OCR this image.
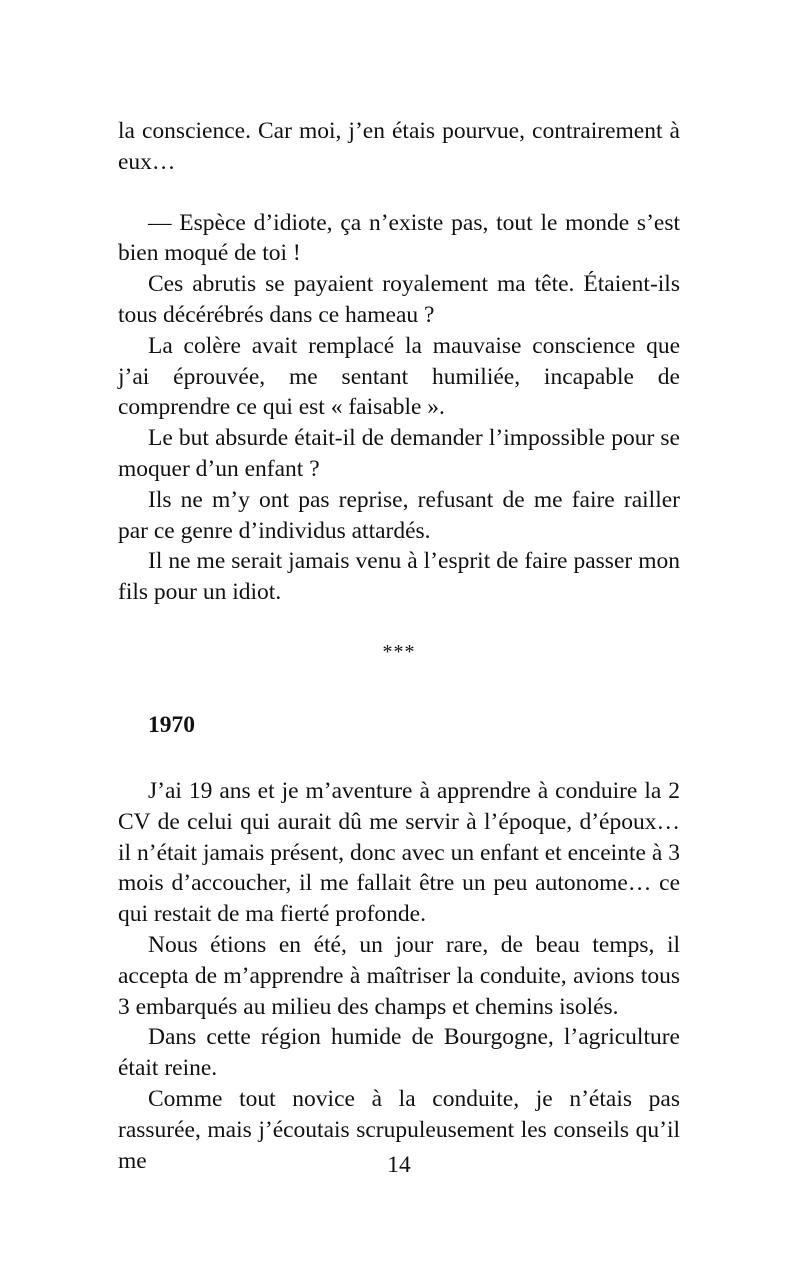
la conscience. Car moi, j’en étais pourvue, contrairement à eux…

— Espèce d’idiote, ça n’existe pas, tout le monde s’est bien moqué de toi !

Ces abrutis se payaient royalement ma tête. Étaient-ils tous décérébrés dans ce hameau ?

La colère avait remplacé la mauvaise conscience que j’ai éprouvée, me sentant humiliée, incapable de comprendre ce qui est « faisable ».

Le but absurde était-il de demander l’impossible pour se moquer d’un enfant ?

Ils ne m’y ont pas reprise, refusant de me faire railler par ce genre d’individus attardés.

Il ne me serait jamais venu à l’esprit de faire passer mon fils pour un idiot.

***
1970

J’ai 19 ans et je m’aventure à apprendre à conduire la 2 CV de celui qui aurait dû me servir à l’époque, d’époux… il n’était jamais présent, donc avec un enfant et enceinte à 3 mois d’accoucher, il me fallait être un peu autonome… ce qui restait de ma fierté profonde.

Nous étions en été, un jour rare, de beau temps, il accepta de m’apprendre à maîtriser la conduite, avions tous 3 embarqués au milieu des champs et chemins isolés.

Dans cette région humide de Bourgogne, l’agriculture était reine.

Comme tout novice à la conduite, je n’étais pas rassurée, mais j’écoutais scrupuleusement les conseils qu’il me	14
